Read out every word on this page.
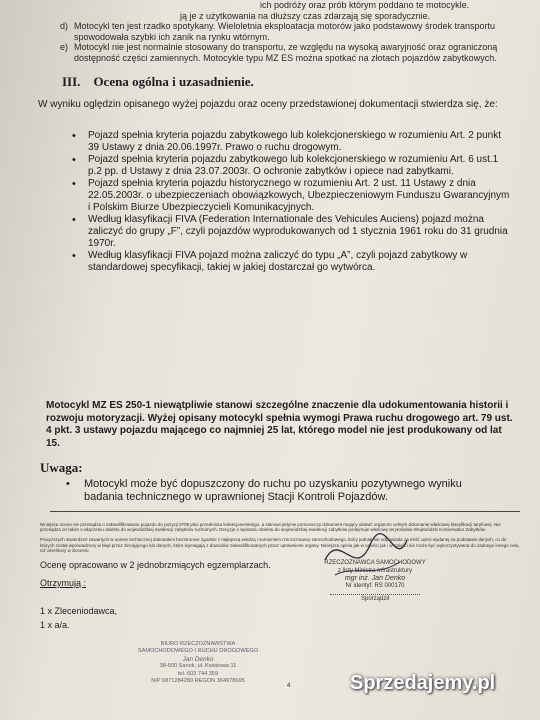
ich podróży oraz prób którym poddano te motocykle.
ją je z użytkowania na dłuższy czas zdarzają się sporadycznie.
d) Motocykl ten jest rzadko spotykany. Wieloletnia eksploatacja motorów jako podstawowy środek transportu spowodowała szybki ich zanik na rynku wtórnym.
e) Motocykl nie jest normalnie stosowany do transportu, ze względu na wysoką awaryjność oraz ograniczoną dostępność części zamiennych. Motocykle typu MZ ES można spotkać na złotach pojazdów zabytkowych.
III. Ocena ogólna i uzasadnienie.
W wyniku oględzin opisanego wyżej pojazdu oraz oceny przedstawionej dokumentacji stwierdza się, że:
•	Pojazd spełnia kryteria pojazdu zabytkowego lub kolekcjonerskiego w rozumieniu Art. 2 punkt 39 Ustawy z dnia 20.06.1997r. Prawo o ruchu drogowym.
•	Pojazd spełnia kryteria pojazdu zabytkowego lub kolekcjonerskiego w rozumieniu Art. 6 ust.1 p.2 pp. d Ustawy z dnia 23.07.2003r. O ochronie zabytków i opiece nad zabytkami.
•	Pojazd spełnia kryteria pojazdu historycznego w rozumieniu Art. 2 ust. 11 Ustawy z dnia 22.05.2003r. o ubezpieczeniach obowiązkowych, Ubezpieczeniowym Funduszu Gwarancyjnym i Polskim Biurze Ubezpieczycieli Komunikacyjnych.
•	Według klasyfikacji FIVA (Federation Internationale des Vehicules Auciens) pojazd można zaliczyć do grupy „F”, czyli pojazdów wyprodukowanych od 1 stycznia 1961 roku do 31 grudnia 1970r.
•	Według klasyfikacji FIVA pojazd można zaliczyć do typu „A”, czyli pojazd zabytkowy w standardowej specyfikacji, takiej w jakiej dostarczał go wytwórca.
Motocykl MZ ES 250-1 niewątpliwie stanowi szczególne znaczenie dla udokumentowania historii i rozwoju motoryzacji. Wyżej opisany motocykl spełnia wymogi Prawa ruchu drogowego art. 79 ust. 4 pkt. 3 ustawy pojazdu mającego co najmniej 25 lat, którego model nie jest produkowany od lat 15.
Uwaga:
•	Motocykl może być dopuszczony do ruchu po uzyskaniu pozytywnego wyniku badania technicznego w uprawnionej Stacji Kontroli Pojazdów.

Niniejsza ocena nie przesądza o zakwalifikowaniu pojazdu do pozycji 9705 jako przedmiotu kolekcjonerskiego, a stanowi jedynie pomocniczy dokument mający ułatwić organom celnym dokonanie właściwej klasyfikacji taryfowej. Nie przesądza on także o włączeniu obiektu do wojewódzkiej ewidencji zabytków ruchomych. Decyzje o wpisaniu obiektu do wojewódzkiej ewidencji zabytków podejmuje właściwy terytorialnie Wojewódzki Konserwator Zabytków.

Powyższych stwierdzeń zawartych w ocenie technicznej dokonałem bezstronnie zgodnie z najlepszą wiedzą i sumieniem rzeczoznawcy samochodowego, który jednak nie odpowiada za treść opinii wydanej na podstawie danych, co do których został wprowadzony w błąd przez zlecającego lub danych, które wymagają z dowodów zakwalifikowanych przez uprawnione organy. Niniejsza opinia jak w całości jak i w całości nie może być wykorzystywana do żadnego innego celu, niż określony w zleceniu.

Ocenę opracowano w 2 jednobrzmiących egzemplarzach.
Otrzymują :
1 x Zleceniodawca,
1 x a/a.
RZECZOZNAWCA SAMOCHODOWY
z listy Ministra Infrastruktury
mgr inż. Jan Denko
Nr identyf. RS 000170
Sporządził
BIURO RZECZOZNAWSTWA
SAMOCHODOWEGO I RUCHU DROGOWEGO
Jan Denko
38-500 Sanok, ul. Kwiatowa 11
tel. 603 744 359
NIP 6871284280 REGON 364978695
4	Sprzedajemy.pl
